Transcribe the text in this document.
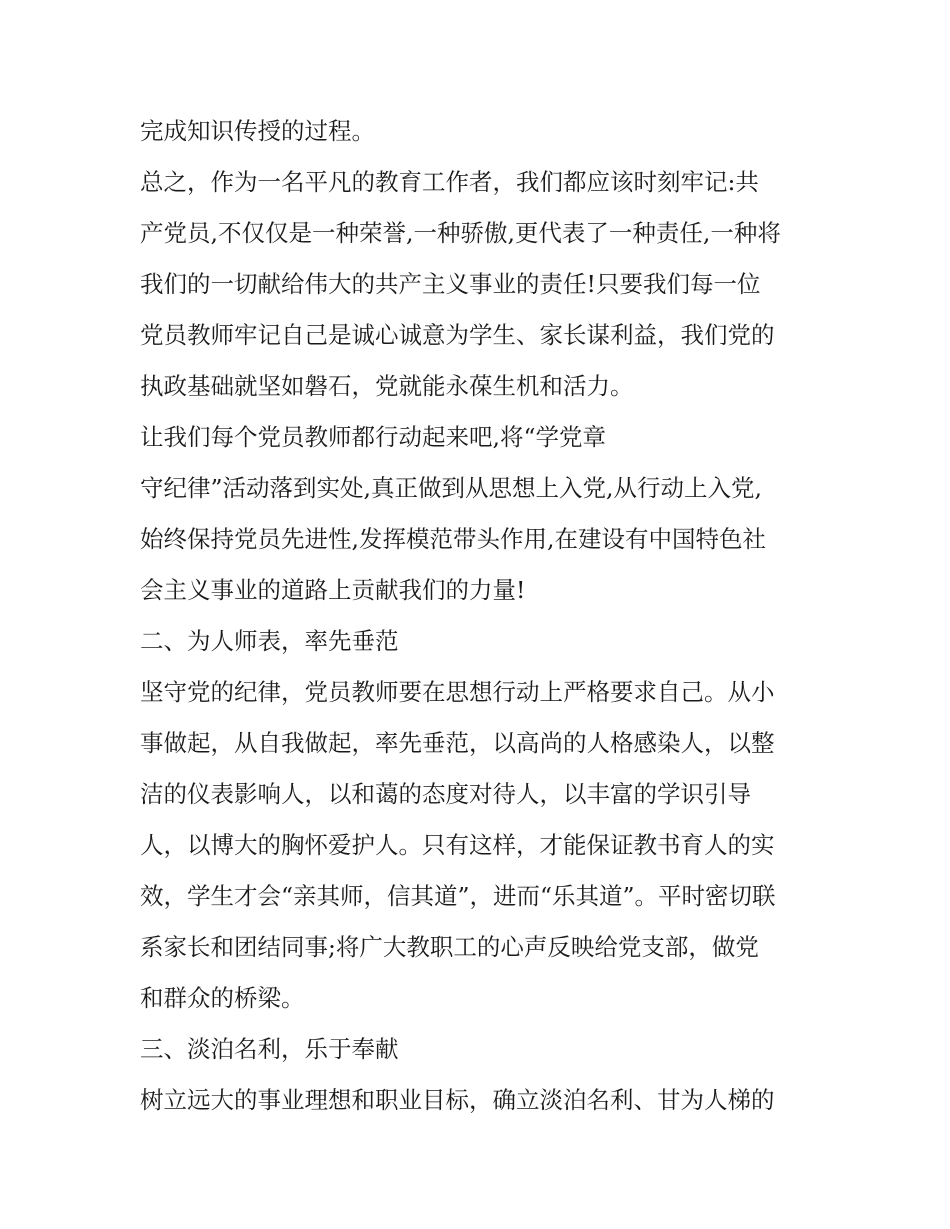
完成知识传授的过程。
总之，作为一名平凡的教育工作者，我们都应该时刻牢记:共
产党员,不仅仅是一种荣誉,一种骄傲,更代表了一种责任,一种将
我们的一切献给伟大的共产主义事业的责任!只要我们每一位
党员教师牢记自己是诚心诚意为学生、家长谋利益，我们党的
执政基础就坚如磐石，党就能永葆生机和活力。
让我们每个党员教师都行动起来吧,将“学党章
守纪律”活动落到实处,真正做到从思想上入党,从行动上入党,
始终保持党员先进性,发挥模范带头作用,在建设有中国特色社
会主义事业的道路上贡献我们的力量!
二、为人师表，率先垂范
坚守党的纪律，党员教师要在思想行动上严格要求自己。从小
事做起，从自我做起，率先垂范，以高尚的人格感染人，以整
洁的仪表影响人，以和蔼的态度对待人，以丰富的学识引导
人，以博大的胸怀爱护人。只有这样，才能保证教书育人的实
效，学生才会“亲其师，信其道”，进而“乐其道”。平时密切联
系家长和团结同事;将广大教职工的心声反映给党支部，做党
和群众的桥梁。
三、淡泊名利，乐于奉献
树立远大的事业理想和职业目标，确立淡泊名利、甘为人梯的
